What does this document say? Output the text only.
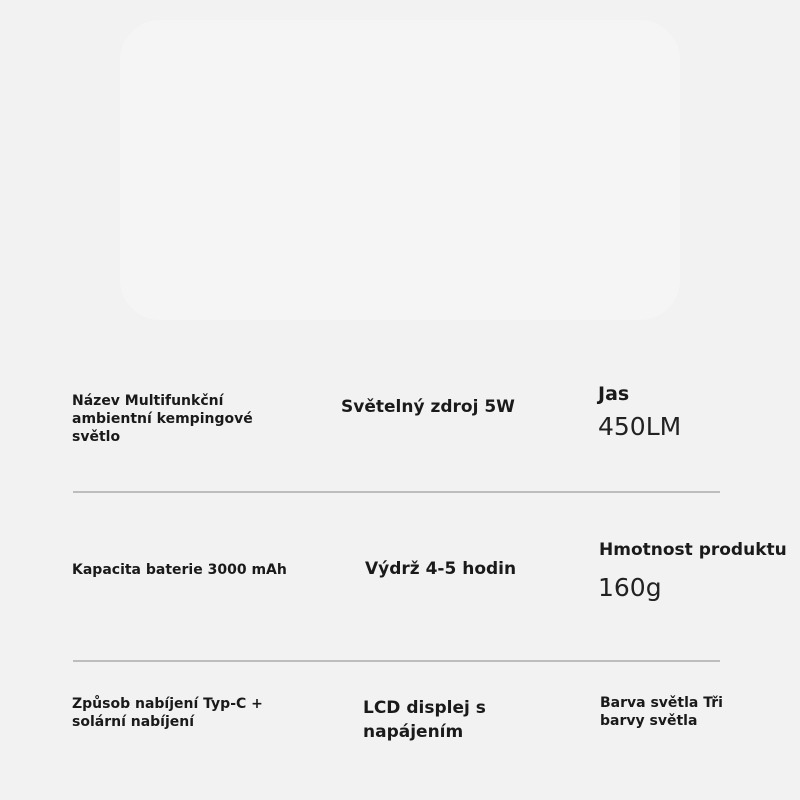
Název Multifunkční ambientní kempingové světlo

Světelný zdroj 5W

Jas

450LM

Kapacita baterie 3000 mAh	Výdrž 4-5 hodin

Hmotnost produktu

160g

Způsob nabíjení Typ-C + solární nabíjení

LCD displej s napájením

Barva světla Tři barvy světla
